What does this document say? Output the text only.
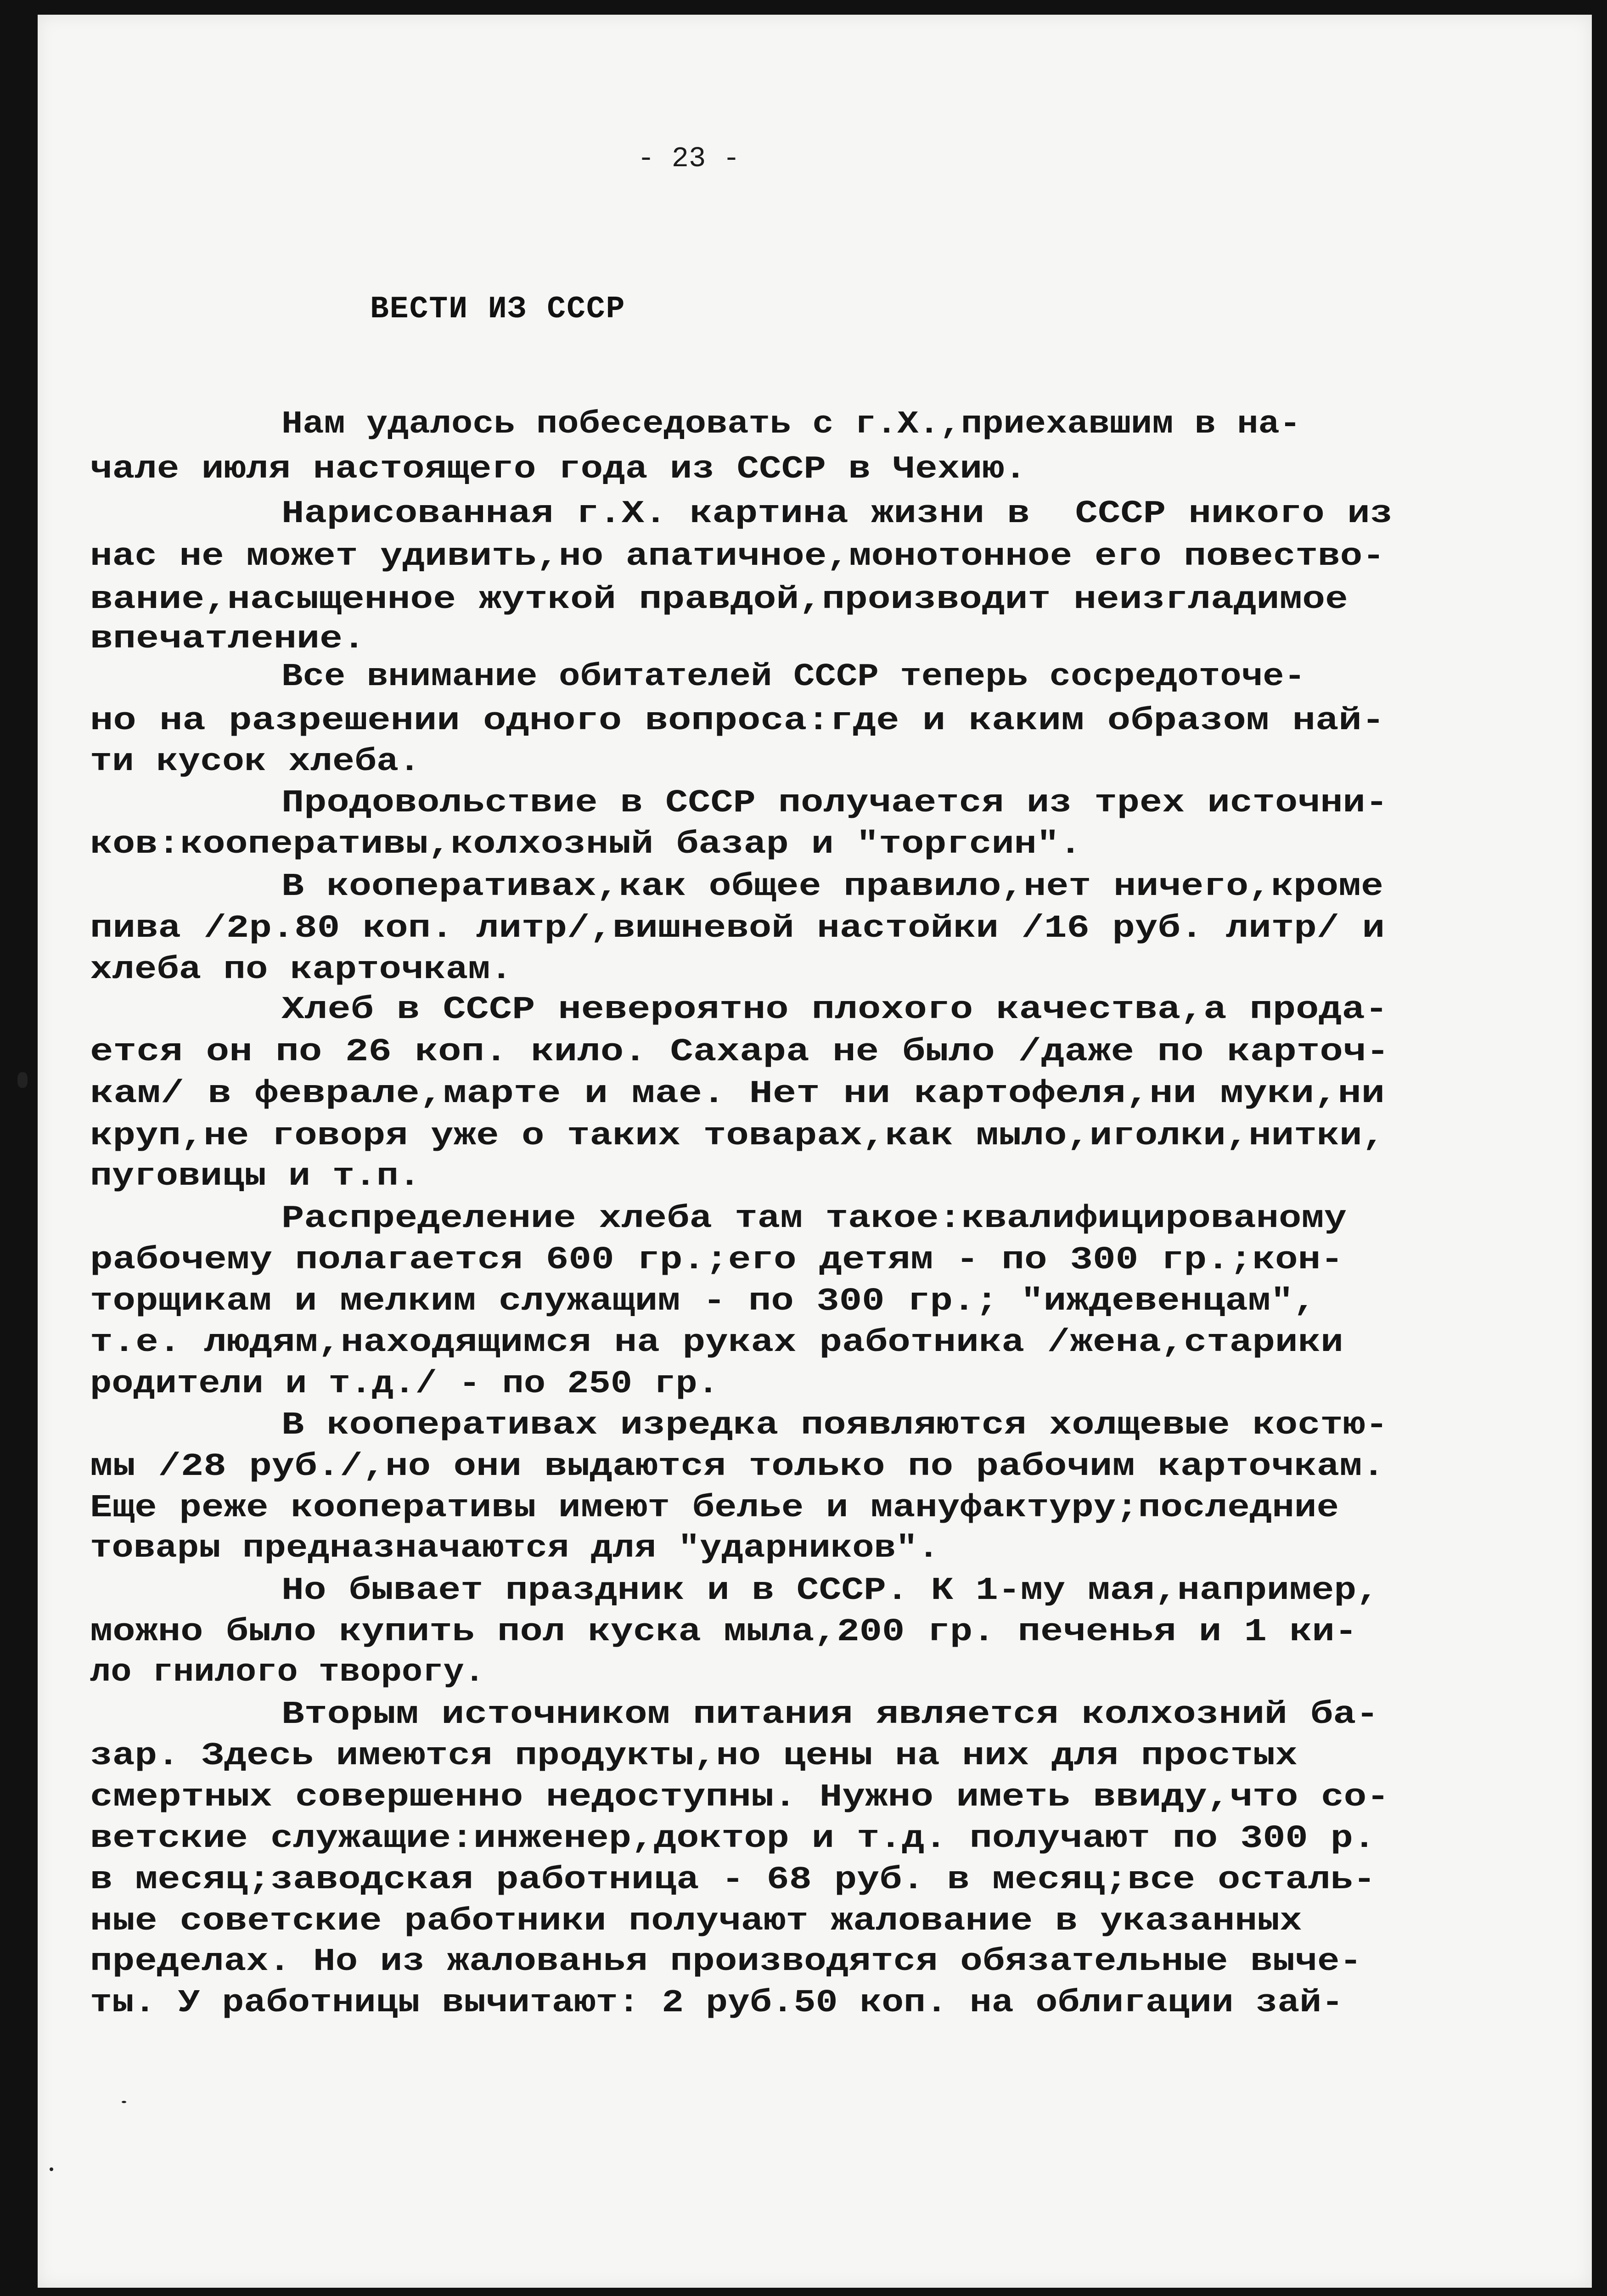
- 23 -
ВЕСТИ ИЗ СССР
Нам удалось побеседовать с г.Х.,приехавшим в на-
чале июля настоящего года из СССР в Чехию.
Нарисованная г.Х. картина жизни в  СССР никого из
нас не может удивить,но апатичное,монотонное его повество-
вание,насыщенное жуткой правдой,производит неизгладимое
впечатление.
Все внимание обитателей СССР теперь сосредоточе-
но на разрешении одного вопроса:где и каким образом най-
ти кусок хлеба.
Продовольствие в СССР получается из трех источни-
ков:кооперативы,колхозный базар и "торгсин".
В кооперативах,как общее правило,нет ничего,кроме
пива /2р.80 коп. литр/,вишневой настойки /16 руб. литр/ и
хлеба по карточкам.
Хлеб в СССР невероятно плохого качества,а прода-
ется он по 26 коп. кило. Сахара не было /даже по карточ-
кам/ в феврале,марте и мае. Нет ни картофеля,ни муки,ни
круп,не говоря уже о таких товарах,как мыло,иголки,нитки,
пуговицы и т.п.
Распределение хлеба там такое:квалифицированому
рабочему полагается 600 гр.;его детям - по 300 гр.;кон-
торщикам и мелким служащим - по 300 гр.; "иждевенцам",
т.е. людям,находящимся на руках работника /жена,старики
родители и т.д./ - по 250 гр.
В кооперативах изредка появляются холщевые костю-
мы /28 руб./,но они выдаются только по рабочим карточкам.
Еще реже кооперативы имеют белье и мануфактуру;последние
товары предназначаются для "ударников".
Но бывает праздник и в СССР. К 1-му мая,например,
можно было купить пол куска мыла,200 гр. печенья и 1 ки-
ло гнилого творогу.
Вторым источником питания является колхозний ба-
зар. Здесь имеются продукты,но цены на них для простых
смертных совершенно недоступны. Нужно иметь ввиду,что со-
ветские служащие:инженер,доктор и т.д. получают по 300 р.
в месяц;заводская работница - 68 руб. в месяц;все осталь-
ные советские работники получают жалование в указанных
пределах. Но из жалованья производятся обязательные выче-
ты. У работницы вычитают: 2 руб.50 коп. на облигации зай-
